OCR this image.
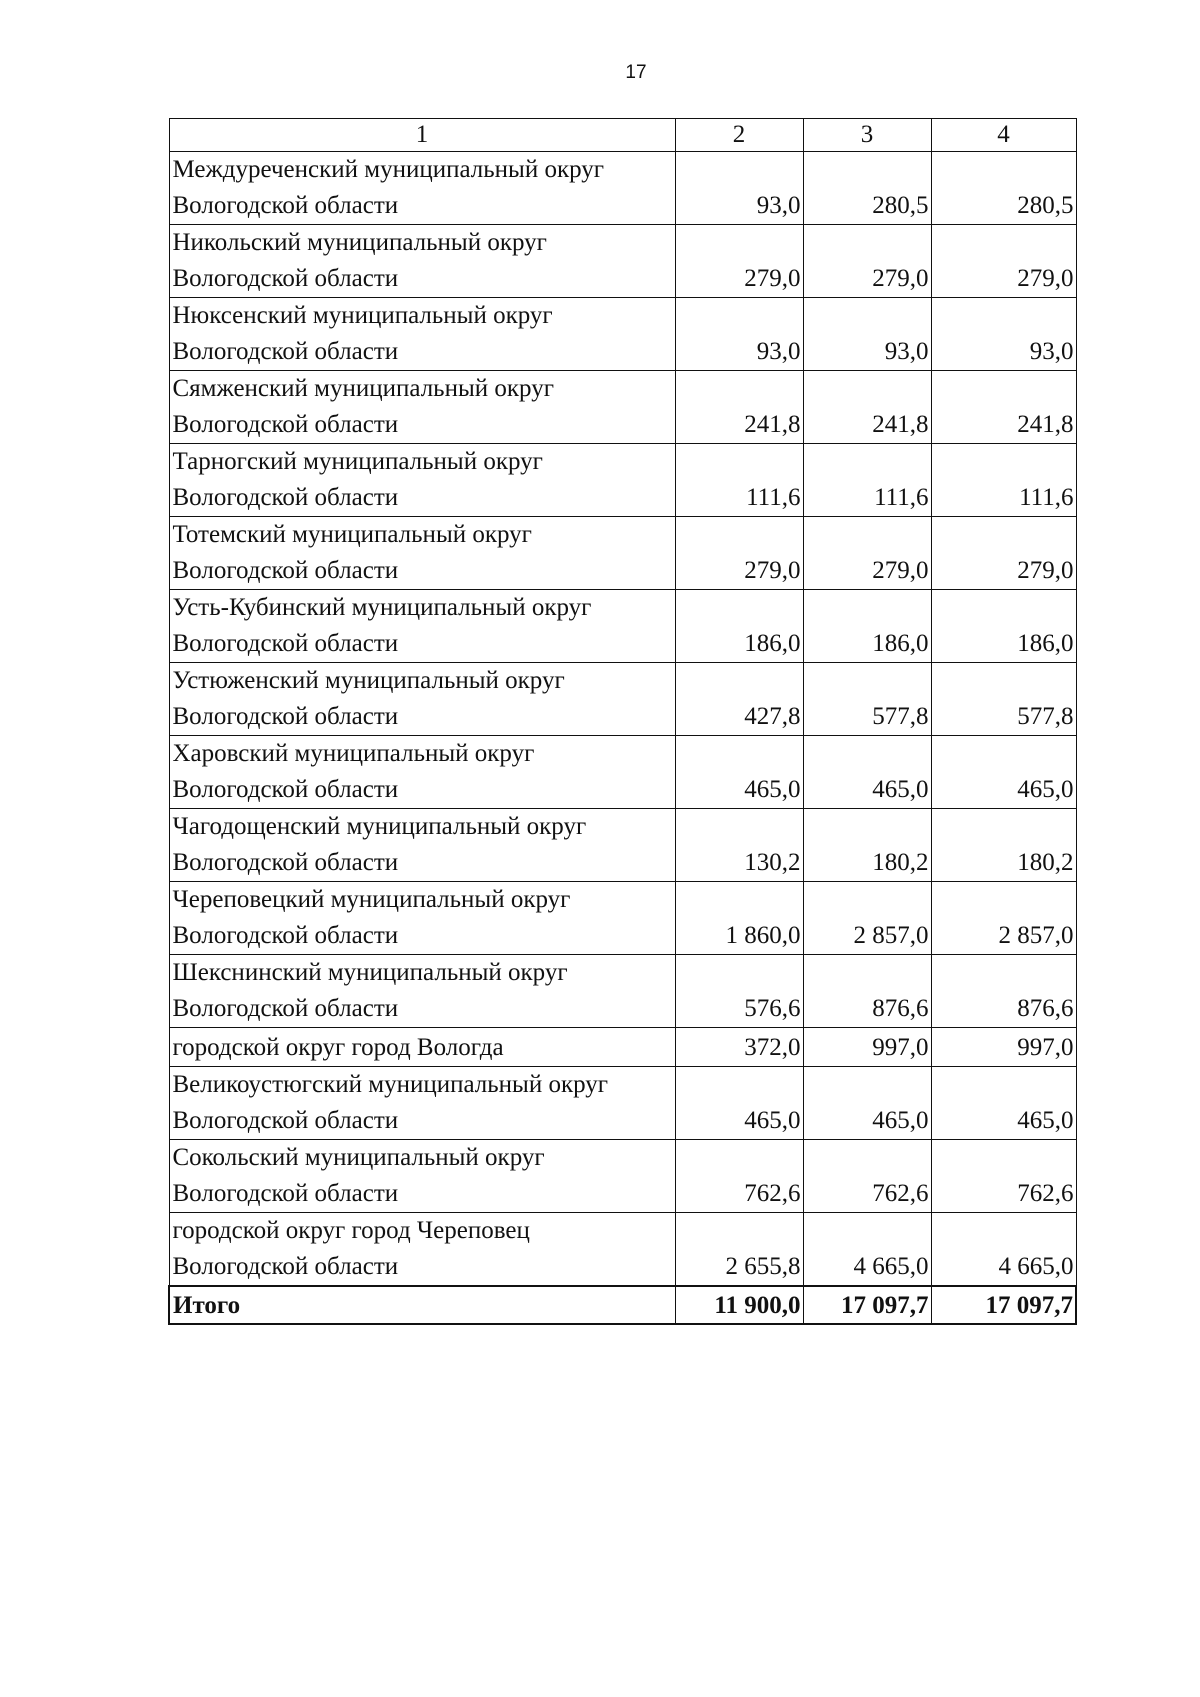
17
1	2	3	4
Междуреченский муниципальный округ Вологодской области	93,0	280,5	280,5
Никольский муниципальный округ Вологодской области	279,0	279,0	279,0
Нюксенский муниципальный округ Вологодской области	93,0	93,0	93,0
Сямженский муниципальный округ Вологодской области	241,8	241,8	241,8
Тарногский муниципальный округ Вологодской области	111,6	111,6	111,6
Тотемский муниципальный округ Вологодской области	279,0	279,0	279,0
Усть-Кубинский муниципальный округ Вологодской области	186,0	186,0	186,0
Устюженский муниципальный округ Вологодской области	427,8	577,8	577,8
Харовский муниципальный округ Вологодской области	465,0	465,0	465,0
Чагодощенский муниципальный округ Вологодской области	130,2	180,2	180,2
Череповецкий муниципальный округ Вологодской области	1 860,0	2 857,0	2 857,0
Шекснинский муниципальный округ Вологодской области	576,6	876,6	876,6
городской округ город Вологда	372,0	997,0	997,0
Великоустюгский муниципальный округ Вологодской области	465,0	465,0	465,0
Сокольский муниципальный округ Вологодской области	762,6	762,6	762,6
городской округ город Череповец Вологодской области	2 655,8	4 665,0	4 665,0
Итого	11 900,0	17 097,7	17 097,7
